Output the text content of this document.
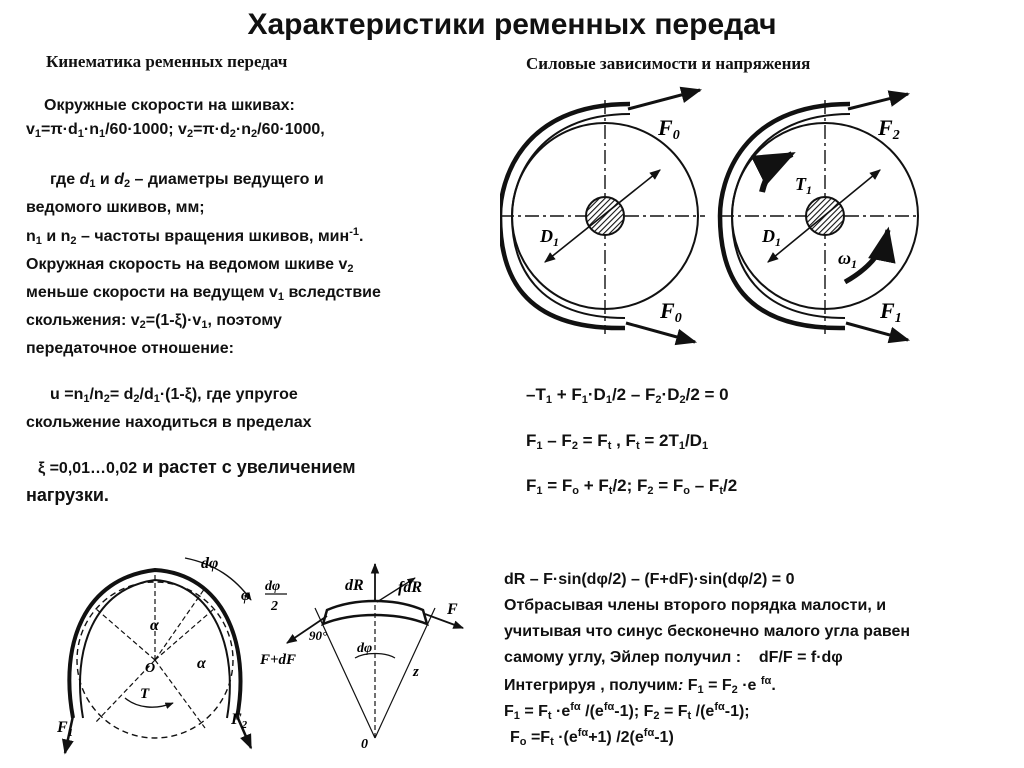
Характеристики ременных передач
Кинематика ременных передач	Силовые зависимости и напряжения
Окружные скорости на шкивах:
$v_1=\pi\cdot d_1\cdot n_1/60\cdot 1000$; $v_2=\pi\cdot d_2\cdot n_2/60\cdot 1000$,
где $d_1$ и $d_2$ – диаметры ведущего и
ведомого шкивов, мм;
$n_1$ и $n_2$ – частоты вращения шкивов, мин$^{-1}$.
Окружная скорость на ведомом шкиве $v_2$
меньше скорости на ведущем $v_1$ вследствие
скольжения: $v_2=(1-\xi)\cdot v_1$, поэтому
передаточное отношение:
$u =n_1/n_2= d_2/d_1\cdot(1-\xi)$, где упругое
скольжение находиться в пределах
ξ =0,01…0,02 и растет с увеличением
нагрузки.
F0
F0
$D_1$
F2
$T_1$
$D_1$
$\omega_1$
F1
$-T_1 + F_1\cdot D_1/2 - F_2\cdot D_2/2 = 0$
$F_1 - F_2 = F_t$ , $F_t = 2T_1/D_1$
$F_1 = F_o + F_t/2$; $F_2 = F_o - F_t/2$
dφ
φ
α
α
O
T
$F_1$
$F_2$
dφ
2
dR fdR
F
90°
F+dF
dφ
z
0
dR – F·sin(dφ/2) – (F+dF)·sin(dφ/2) = 0
Отбрасывая члены второго порядка малости, и
учитывая что синус бесконечно малого угла равен
самому углу, Эйлер получил : dF/F = f·dφ
Интегрируя , получим: $F_1 = F_2 \cdot e$ $^{f\alpha}$.
$F_1 = F_t \cdot e^{f\alpha}$ $/(e^{f\alpha}-1)$; $F_2 = F_t$ $/(e^{f\alpha}-1)$;
$F_o =F_t \cdot(e^{f\alpha}+1)$ $/2(e^{f\alpha}-1)$
